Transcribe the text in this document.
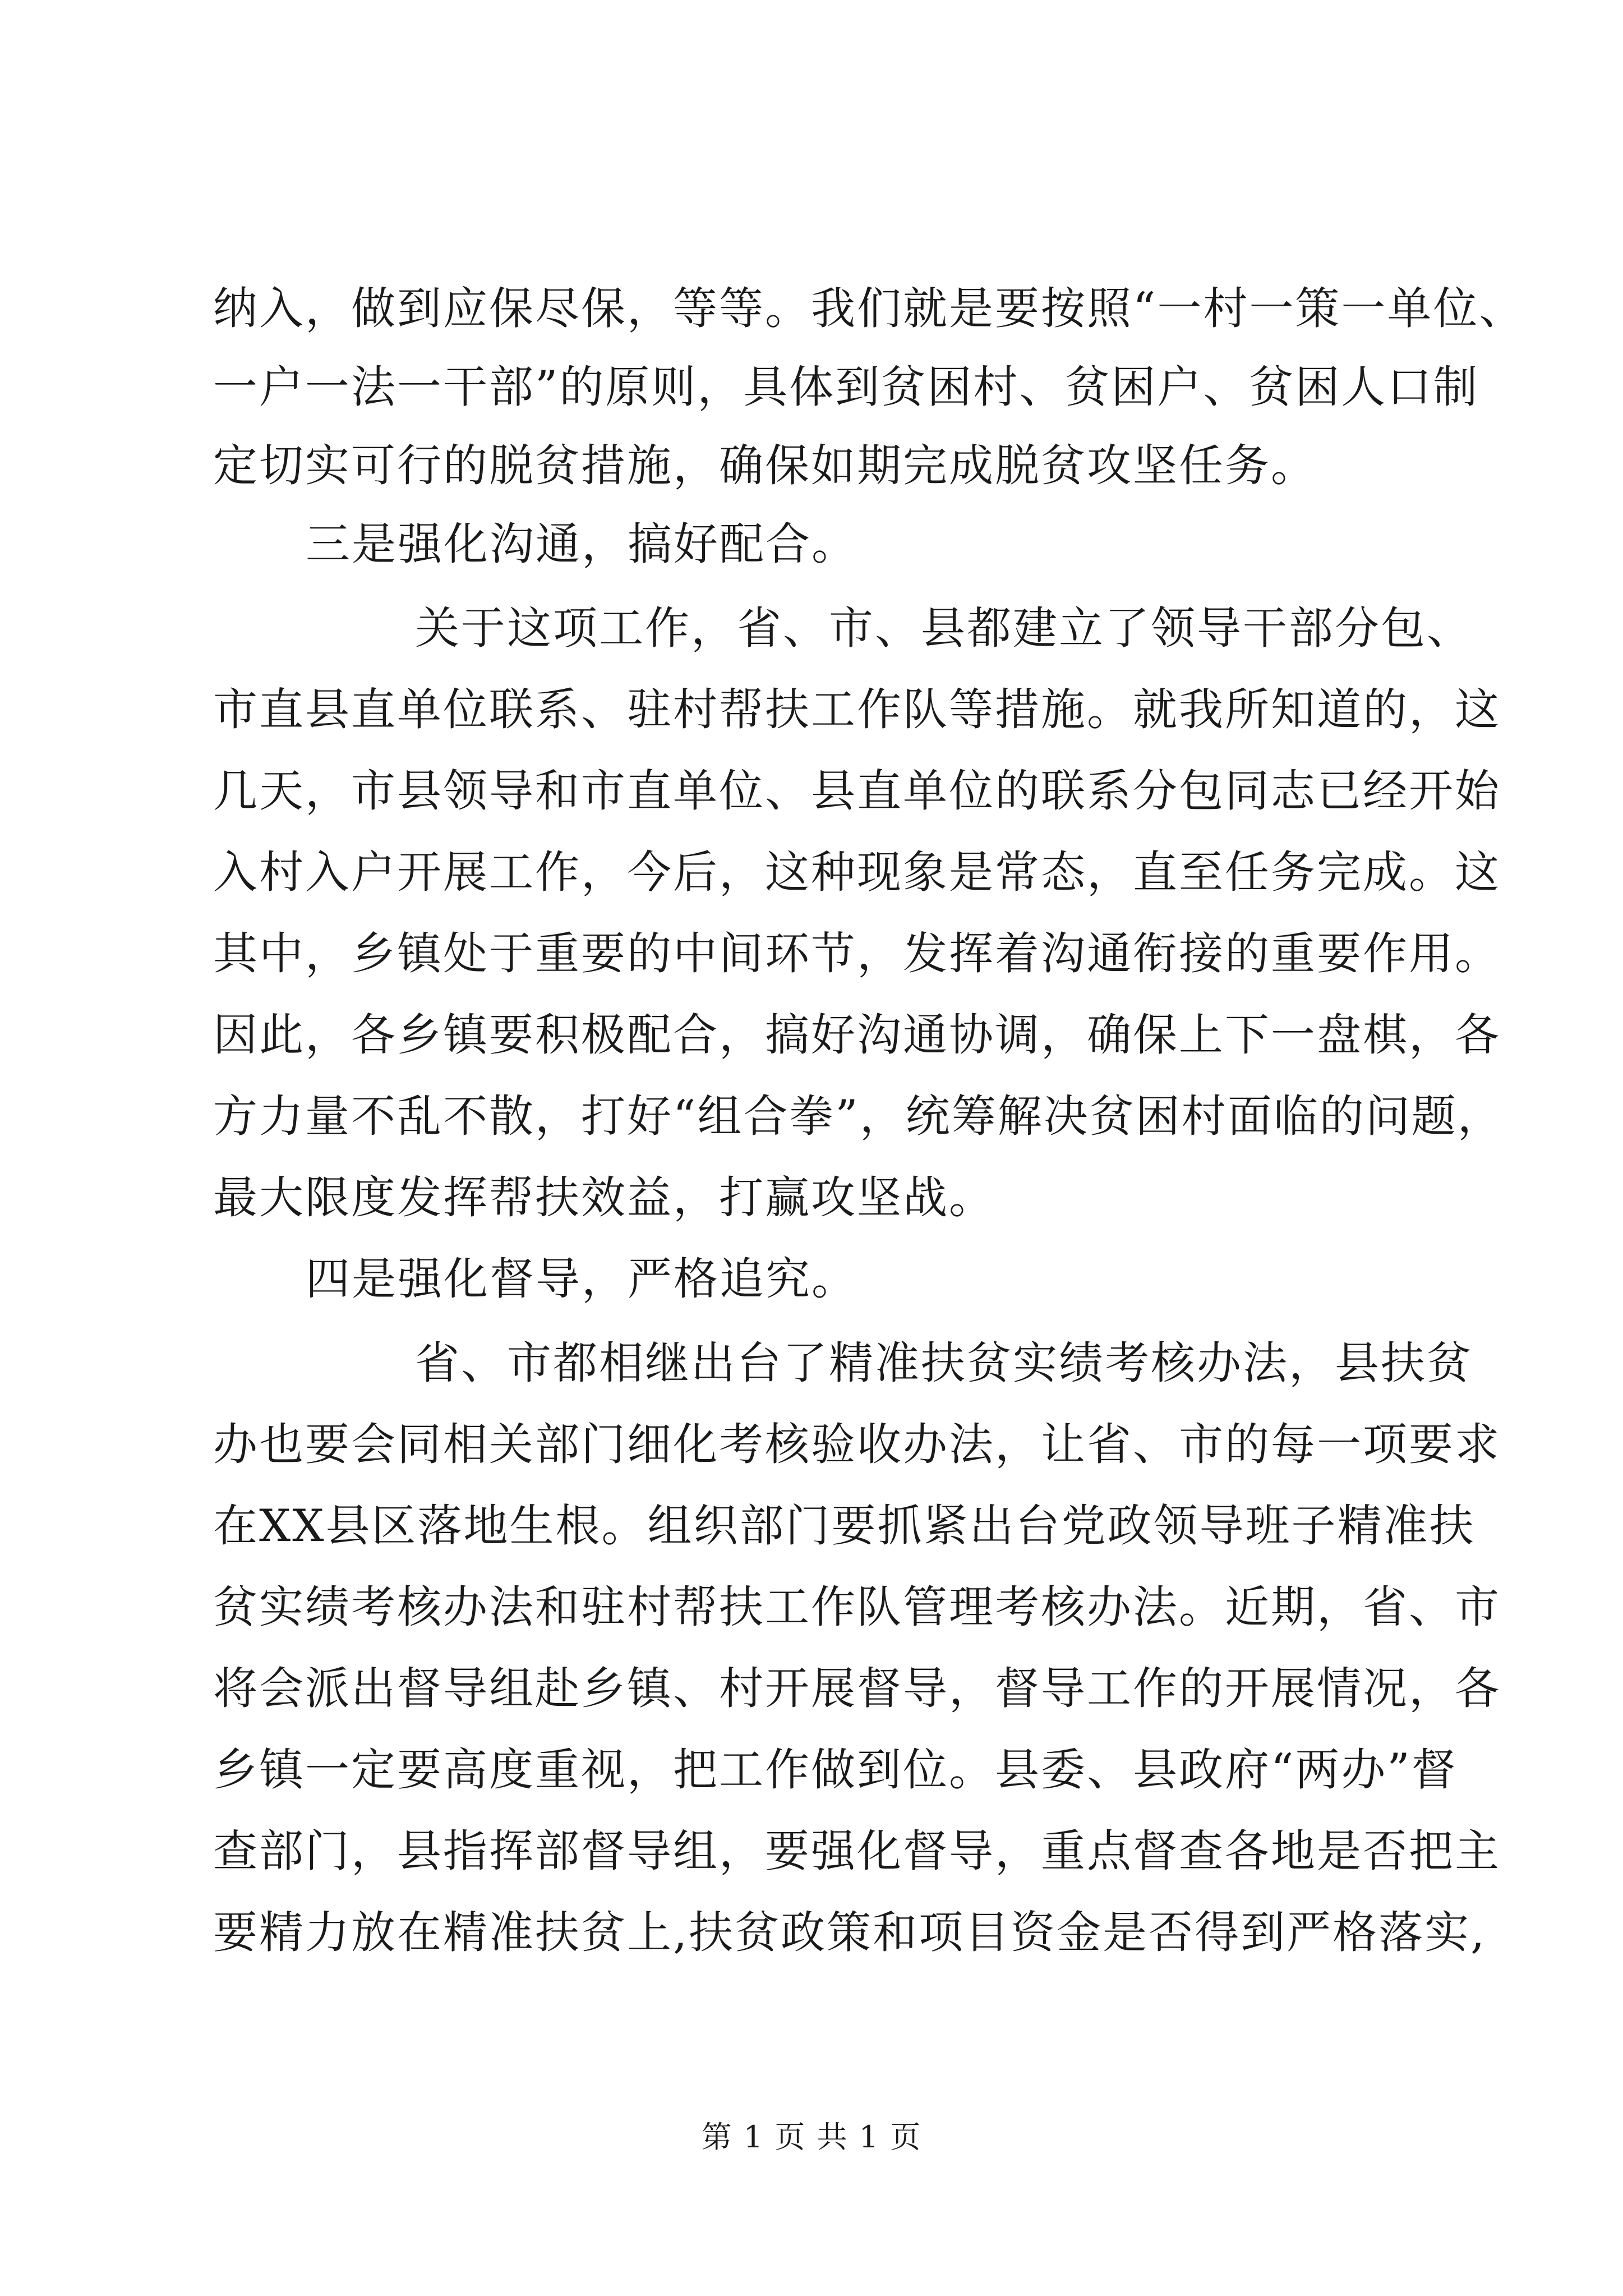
纳入，做到应保尽保，等等。我们就是要按照“一村一策一单位、
一户一法一干部”的原则，具体到贫困村、贫困户、贫困人口制
定切实可行的脱贫措施，确保如期完成脱贫攻坚任务。
三是强化沟通，搞好配合。
关于这项工作，省、市、县都建立了领导干部分包、
市直县直单位联系、驻村帮扶工作队等措施。就我所知道的，这
几天，市县领导和市直单位、县直单位的联系分包同志已经开始
入村入户开展工作，今后，这种现象是常态，直至任务完成。这
其中，乡镇处于重要的中间环节，发挥着沟通衔接的重要作用。
因此，各乡镇要积极配合，搞好沟通协调，确保上下一盘棋，各
方力量不乱不散，打好“组合拳”，统筹解决贫困村面临的问题，
最大限度发挥帮扶效益，打赢攻坚战。
四是强化督导，严格追究。
省、市都相继出台了精准扶贫实绩考核办法，县扶贫
办也要会同相关部门细化考核验收办法，让省、市的每一项要求
在XX县区落地生根。组织部门要抓紧出台党政领导班子精准扶
贫实绩考核办法和驻村帮扶工作队管理考核办法。近期，省、市
将会派出督导组赴乡镇、村开展督导，督导工作的开展情况，各
乡镇一定要高度重视，把工作做到位。县委、县政府“两办”督
查部门，县指挥部督导组，要强化督导，重点督查各地是否把主
要精力放在精准扶贫上,扶贫政策和项目资金是否得到严格落实,
第 1 页 共 1 页
